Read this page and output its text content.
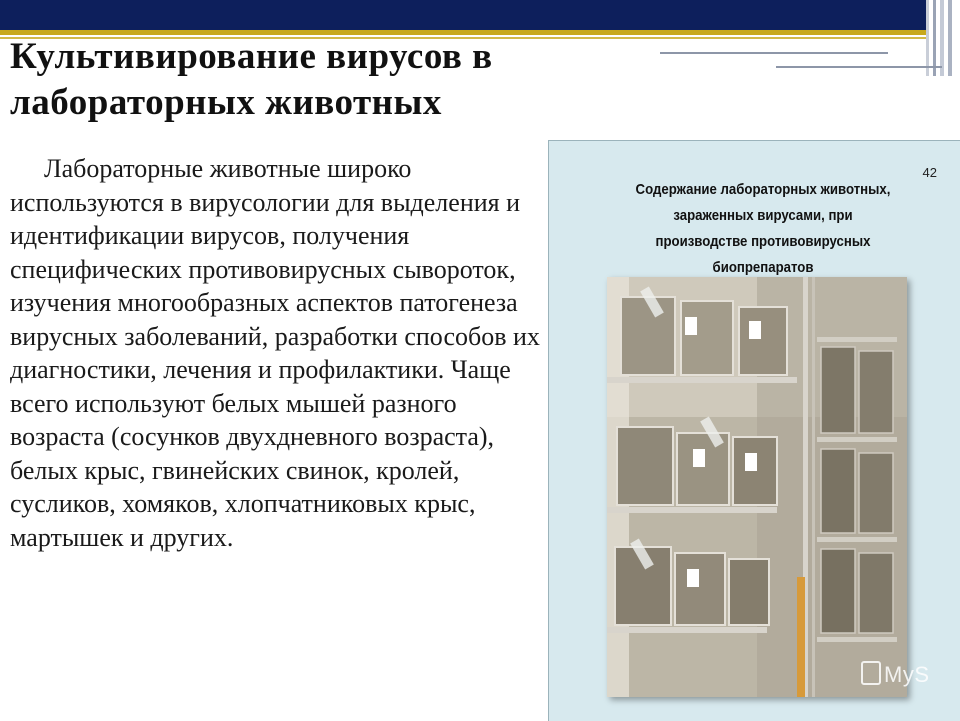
Культивирование вирусов в лабораторных животных

Лабораторные животные широко используются в вирусологии для выделения и идентификации вирусов, получения специфических противовирусных сывороток, изучения многообразных аспектов патогенеза вирусных заболеваний, разработки способов их диагностики, лечения и профилактики. Чаще всего используют белых мышей разного возраста (сосунков двухдневного возраста), белых крыс, гвинейских свинок, кролей, сусликов, хомяков, хлопчатниковых крыс, мартышек и других.

42

Содержание лабораторных животных, зараженных вирусами, при производстве противовирусных биопрепаратов

MyS
